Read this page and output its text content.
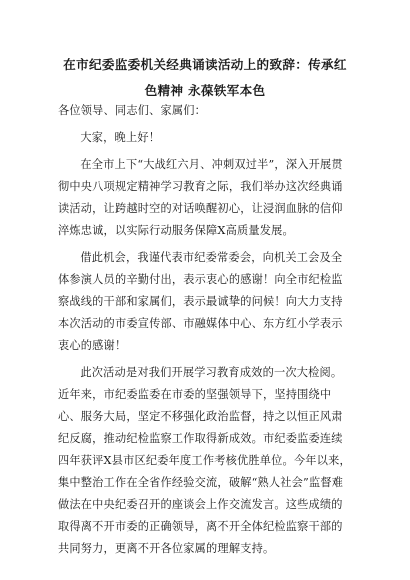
在市纪委监委机关经典诵读活动上的致辞：传承红色精神 永葆铁军本色

各位领导、同志们、家属们：

大家，晚上好！

在全市上下“大战红六月、冲刺双过半”，深入开展贯彻中央八项规定精神学习教育之际，我们举办这次经典诵读活动，让跨越时空的对话唤醒初心，让浸润血脉的信仰淬炼忠诚，以实际行动服务保障X高质量发展。

借此机会，我谨代表市纪委常委会，向机关工会及全体参演人员的辛勤付出，表示衷心的感谢！向全市纪检监察战线的干部和家属们，表示最诚挚的问候！向大力支持本次活动的市委宣传部、市融媒体中心、东方红小学表示衷心的感谢！

此次活动是对我们开展学习教育成效的一次大检阅。近年来，市纪委监委在市委的坚强领导下，坚持围绕中心、服务大局，坚定不移强化政治监督，持之以恒正风肃纪反腐，推动纪检监察工作取得新成效。市纪委监委连续四年获评X县市区纪委年度工作考核优胜单位。今年以来，集中整治工作在全省作经验交流，破解“熟人社会”监督难做法在中央纪委召开的座谈会上作交流发言。这些成绩的取得离不开市委的正确领导，离不开全体纪检监察干部的共同努力，更离不开各位家属的理解支持。
